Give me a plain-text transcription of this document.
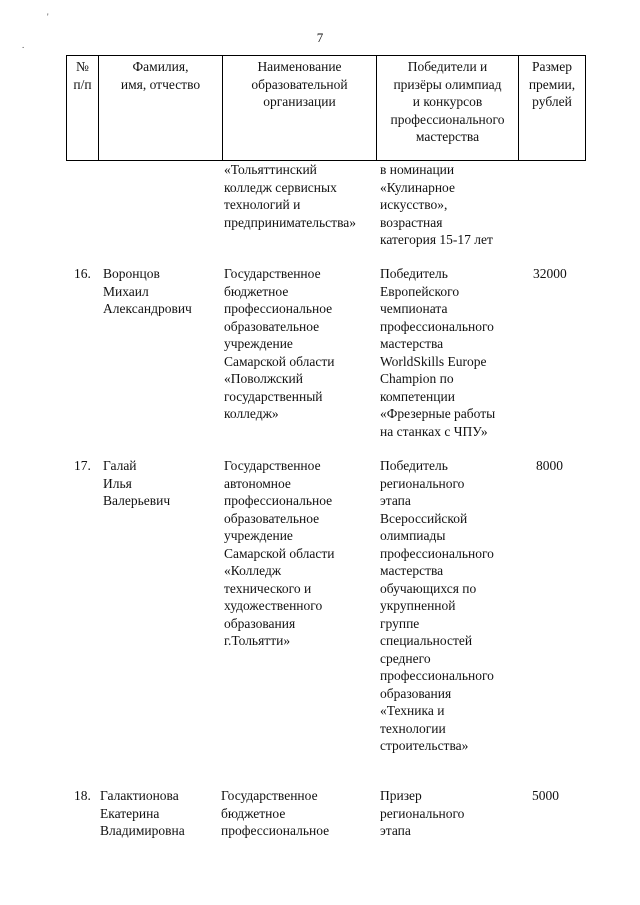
'
.	7
№
п/п
Фамилия,
имя, отчество
Наименование
образовательной
организации
Победители и
призёры олимпиад
и конкурсов
профессионального
мастерства
Размер
премии,
рублей
«Тольяттинский
колледж сервисных
технологий и
предпринимательства»
в номинации
«Кулинарное
искусство»,
возрастная
категория 15-17 лет
16. Воронцов
Михаил
Александрович
Государственное
бюджетное
профессиональное
образовательное
учреждение
Самарской области
«Поволжский
государственный
колледж»
Победитель
Европейского
чемпионата
профессионального
мастерства
WorldSkills Europe
Champion по
компетенции
«Фрезерные работы
на станках с ЧПУ»
32000
17. Галай
Илья
Валерьевич
Государственное
автономное
профессиональное
образовательное
учреждение
Самарской области
«Колледж
технического и
художественного
образования
г.Тольятти»
Победитель
регионального
этапа
Всероссийской
олимпиады
профессионального
мастерства
обучающихся по
укрупненной
группе
специальностей
среднего
профессионального
образования
«Техника и
технологии
строительства»
8000
18. Галактионова
Екатерина
Владимировна
Государственное
бюджетное
профессиональное
Призер
регионального
этапа
5000
